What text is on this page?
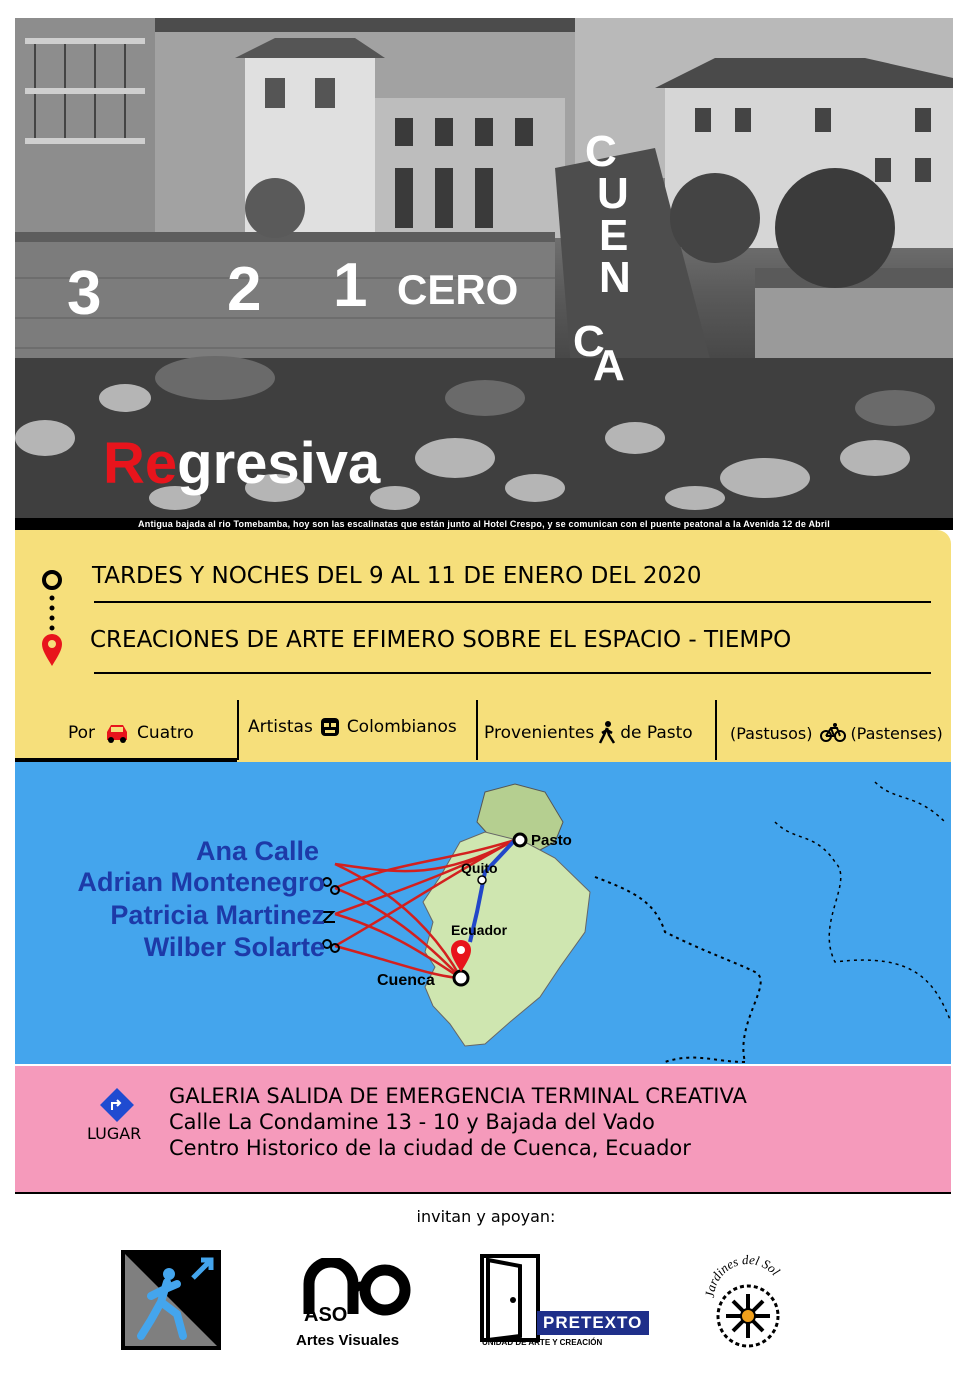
3 2 1 CERO
C
U
E
N
C
A
Regresiva
Antigua bajada al rio Tomebamba, hoy son las escalinatas que están junto al Hotel Crespo, y se comunican con el puente peatonal a la Avenida 12 de Abril
TARDES Y NOCHES DEL 9 AL 11 DE ENERO DEL 2020
CREACIONES DE ARTE EFIMERO SOBRE EL ESPACIO - TIEMPO
Por Cuatro	Artistas Colombianos Provenientes de Pasto (Pastusos) (Pastenses)
Ana Calle
Adrian Montenegro
Patricia Martinez
Wilber Solarte
Pasto
Quito
Ecuador
Cuenca
LUGAR
GALERIA SALIDA DE EMERGENCIA TERMINAL CREATIVA
Calle La Condamine 13 - 10 y Bajada del Vado
Centro Historico de la ciudad de Cuenca, Ecuador
invitan y apoyan:
ASO
Artes Visuales
PRETEXTO
UNIDAD DE ARTE Y CREACIÓN
Jardines del Sol
